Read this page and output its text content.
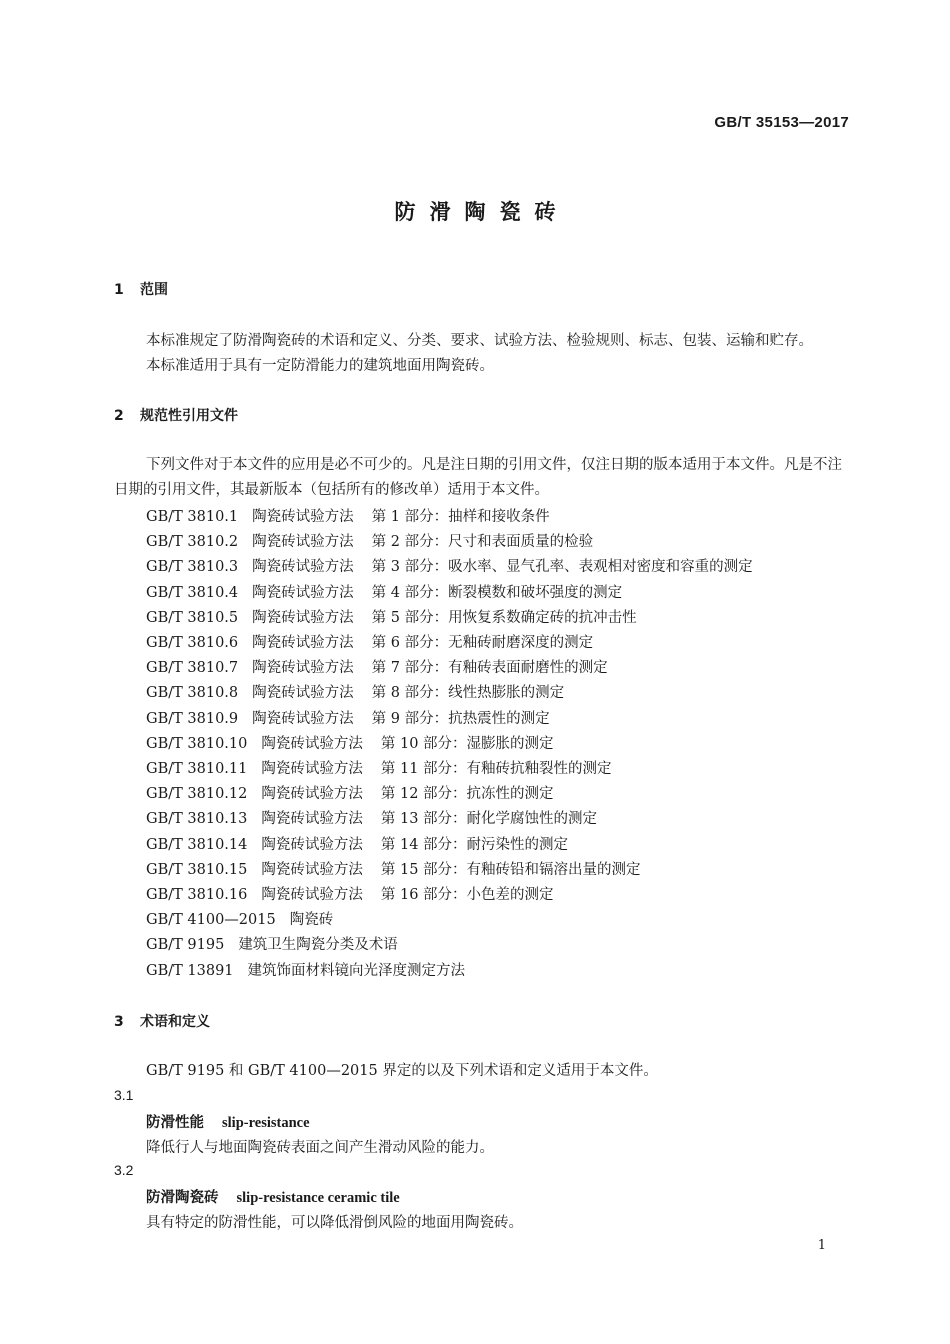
GB/T 35153—2017
防滑陶瓷砖
1 范围
本标准规定了防滑陶瓷砖的术语和定义、分类、要求、试验方法、检验规则、标志、包装、运输和贮存。
本标准适用于具有一定防滑能力的建筑地面用陶瓷砖。
2 规范性引用文件
下列文件对于本文件的应用是必不可少的。凡是注日期的引用文件，仅注日期的版本适用于本文件。凡是不注日期的引用文件，其最新版本（包括所有的修改单）适用于本文件。
GB/T 3810.1 陶瓷砖试验方法 第 1 部分：抽样和接收条件
GB/T 3810.2 陶瓷砖试验方法 第 2 部分：尺寸和表面质量的检验
GB/T 3810.3 陶瓷砖试验方法 第 3 部分：吸水率、显气孔率、表观相对密度和容重的测定
GB/T 3810.4 陶瓷砖试验方法 第 4 部分：断裂模数和破坏强度的测定
GB/T 3810.5 陶瓷砖试验方法 第 5 部分：用恢复系数确定砖的抗冲击性
GB/T 3810.6 陶瓷砖试验方法 第 6 部分：无釉砖耐磨深度的测定
GB/T 3810.7 陶瓷砖试验方法 第 7 部分：有釉砖表面耐磨性的测定
GB/T 3810.8 陶瓷砖试验方法 第 8 部分：线性热膨胀的测定
GB/T 3810.9 陶瓷砖试验方法 第 9 部分：抗热震性的测定
GB/T 3810.10 陶瓷砖试验方法 第 10 部分：湿膨胀的测定
GB/T 3810.11 陶瓷砖试验方法 第 11 部分：有釉砖抗釉裂性的测定
GB/T 3810.12 陶瓷砖试验方法 第 12 部分：抗冻性的测定
GB/T 3810.13 陶瓷砖试验方法 第 13 部分：耐化学腐蚀性的测定
GB/T 3810.14 陶瓷砖试验方法 第 14 部分：耐污染性的测定
GB/T 3810.15 陶瓷砖试验方法 第 15 部分：有釉砖铅和镉溶出量的测定
GB/T 3810.16 陶瓷砖试验方法 第 16 部分：小色差的测定
GB/T 4100—2015 陶瓷砖
GB/T 9195 建筑卫生陶瓷分类及术语
GB/T 13891 建筑饰面材料镜向光泽度测定方法
3 术语和定义
GB/T 9195 和 GB/T 4100—2015 界定的以及下列术语和定义适用于本文件。
3.1
防滑性能 slip-resistance
降低行人与地面陶瓷砖表面之间产生滑动风险的能力。
3.2
防滑陶瓷砖 slip-resistance ceramic tile
具有特定的防滑性能，可以降低滑倒风险的地面用陶瓷砖。
1
